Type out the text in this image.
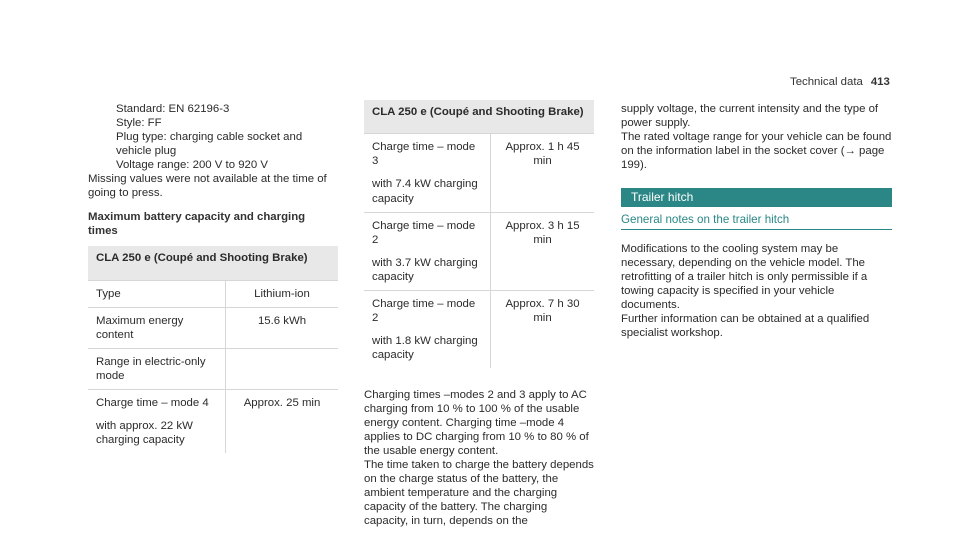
Technical data 413

Standard: EN 62196-3

Style: FF

Plug type: charging cable socket and vehicle plug

Voltage range: 200 V to 920 V

Missing values were not available at the time of going to press.

Maximum battery capacity and charging times

CLA 250 e (Coupé and Shooting Brake)	
Type	Lithium-ion
Maximum energy content	15.6 kWh
Range in electric-only mode	

Charge time – mode 4

with approx. 22 kW charging capacity	Approx. 25 min
CLA 250 e (Coupé and Shooting Brake)	

Charge time – mode 3

with 7.4 kW charging capacity	Approx. 1 h 45 min

Charge time – mode 2

with 3.7 kW charging capacity	Approx. 3 h 15 min

Charge time – mode 2

with 1.8 kW charging capacity	Approx. 7 h 30 min

Charging times –modes 2 and 3 apply to AC charging from 10 % to 100 % of the usable energy content. Charging time –mode 4 applies to DC charging from 10 % to 80 % of the usable energy content.

The time taken to charge the battery depends on the charge status of the battery, the ambient temperature and the charging capacity of the battery. The charging capacity, in turn, depends on the

supply voltage, the current intensity and the type of power supply.

The rated voltage range for your vehicle can be found on the information label in the socket cover (→ page 199).

Trailer hitch
General notes on the trailer hitch

Modifications to the cooling system may be necessary, depending on the vehicle model. The retrofitting of a trailer hitch is only permissible if a towing capacity is specified in your vehicle documents.

Further information can be obtained at a qualified specialist workshop.
